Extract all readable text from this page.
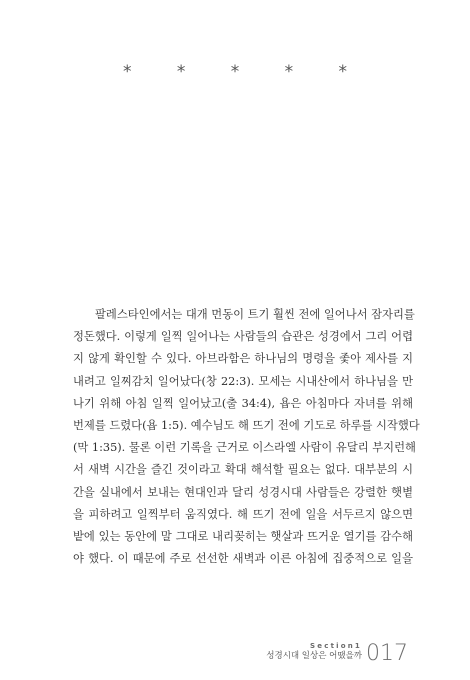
* * * * *
팔레스타인에서는 대개 먼동이 트기 훨씬 전에 일어나서 잠자리를
정돈했다. 이렇게 일찍 일어나는 사람들의 습관은 성경에서 그리 어렵
지 않게 확인할 수 있다. 아브라함은 하나님의 명령을 좇아 제사를 지
내려고 일찌감치 일어났다(창 22:3). 모세는 시내산에서 하나님을 만
나기 위해 아침 일찍 일어났고(출 34:4), 욥은 아침마다 자녀를 위해
번제를 드렸다(욥 1:5). 예수님도 해 뜨기 전에 기도로 하루를 시작했다
(막 1:35). 물론 이런 기록을 근거로 이스라엘 사람이 유달리 부지런해
서 새벽 시간을 즐긴 것이라고 확대 해석할 필요는 없다. 대부분의 시
간을 실내에서 보내는 현대인과 달리 성경시대 사람들은 강렬한 햇볕
을 피하려고 일찍부터 움직였다. 해 뜨기 전에 일을 서두르지 않으면
밭에 있는 동안에 말 그대로 내리꽂히는 햇살과 뜨거운 열기를 감수해
야 했다. 이 때문에 주로 선선한 새벽과 이른 아침에 집중적으로 일을
Section1
성경시대 일상은 어땠을까 017
